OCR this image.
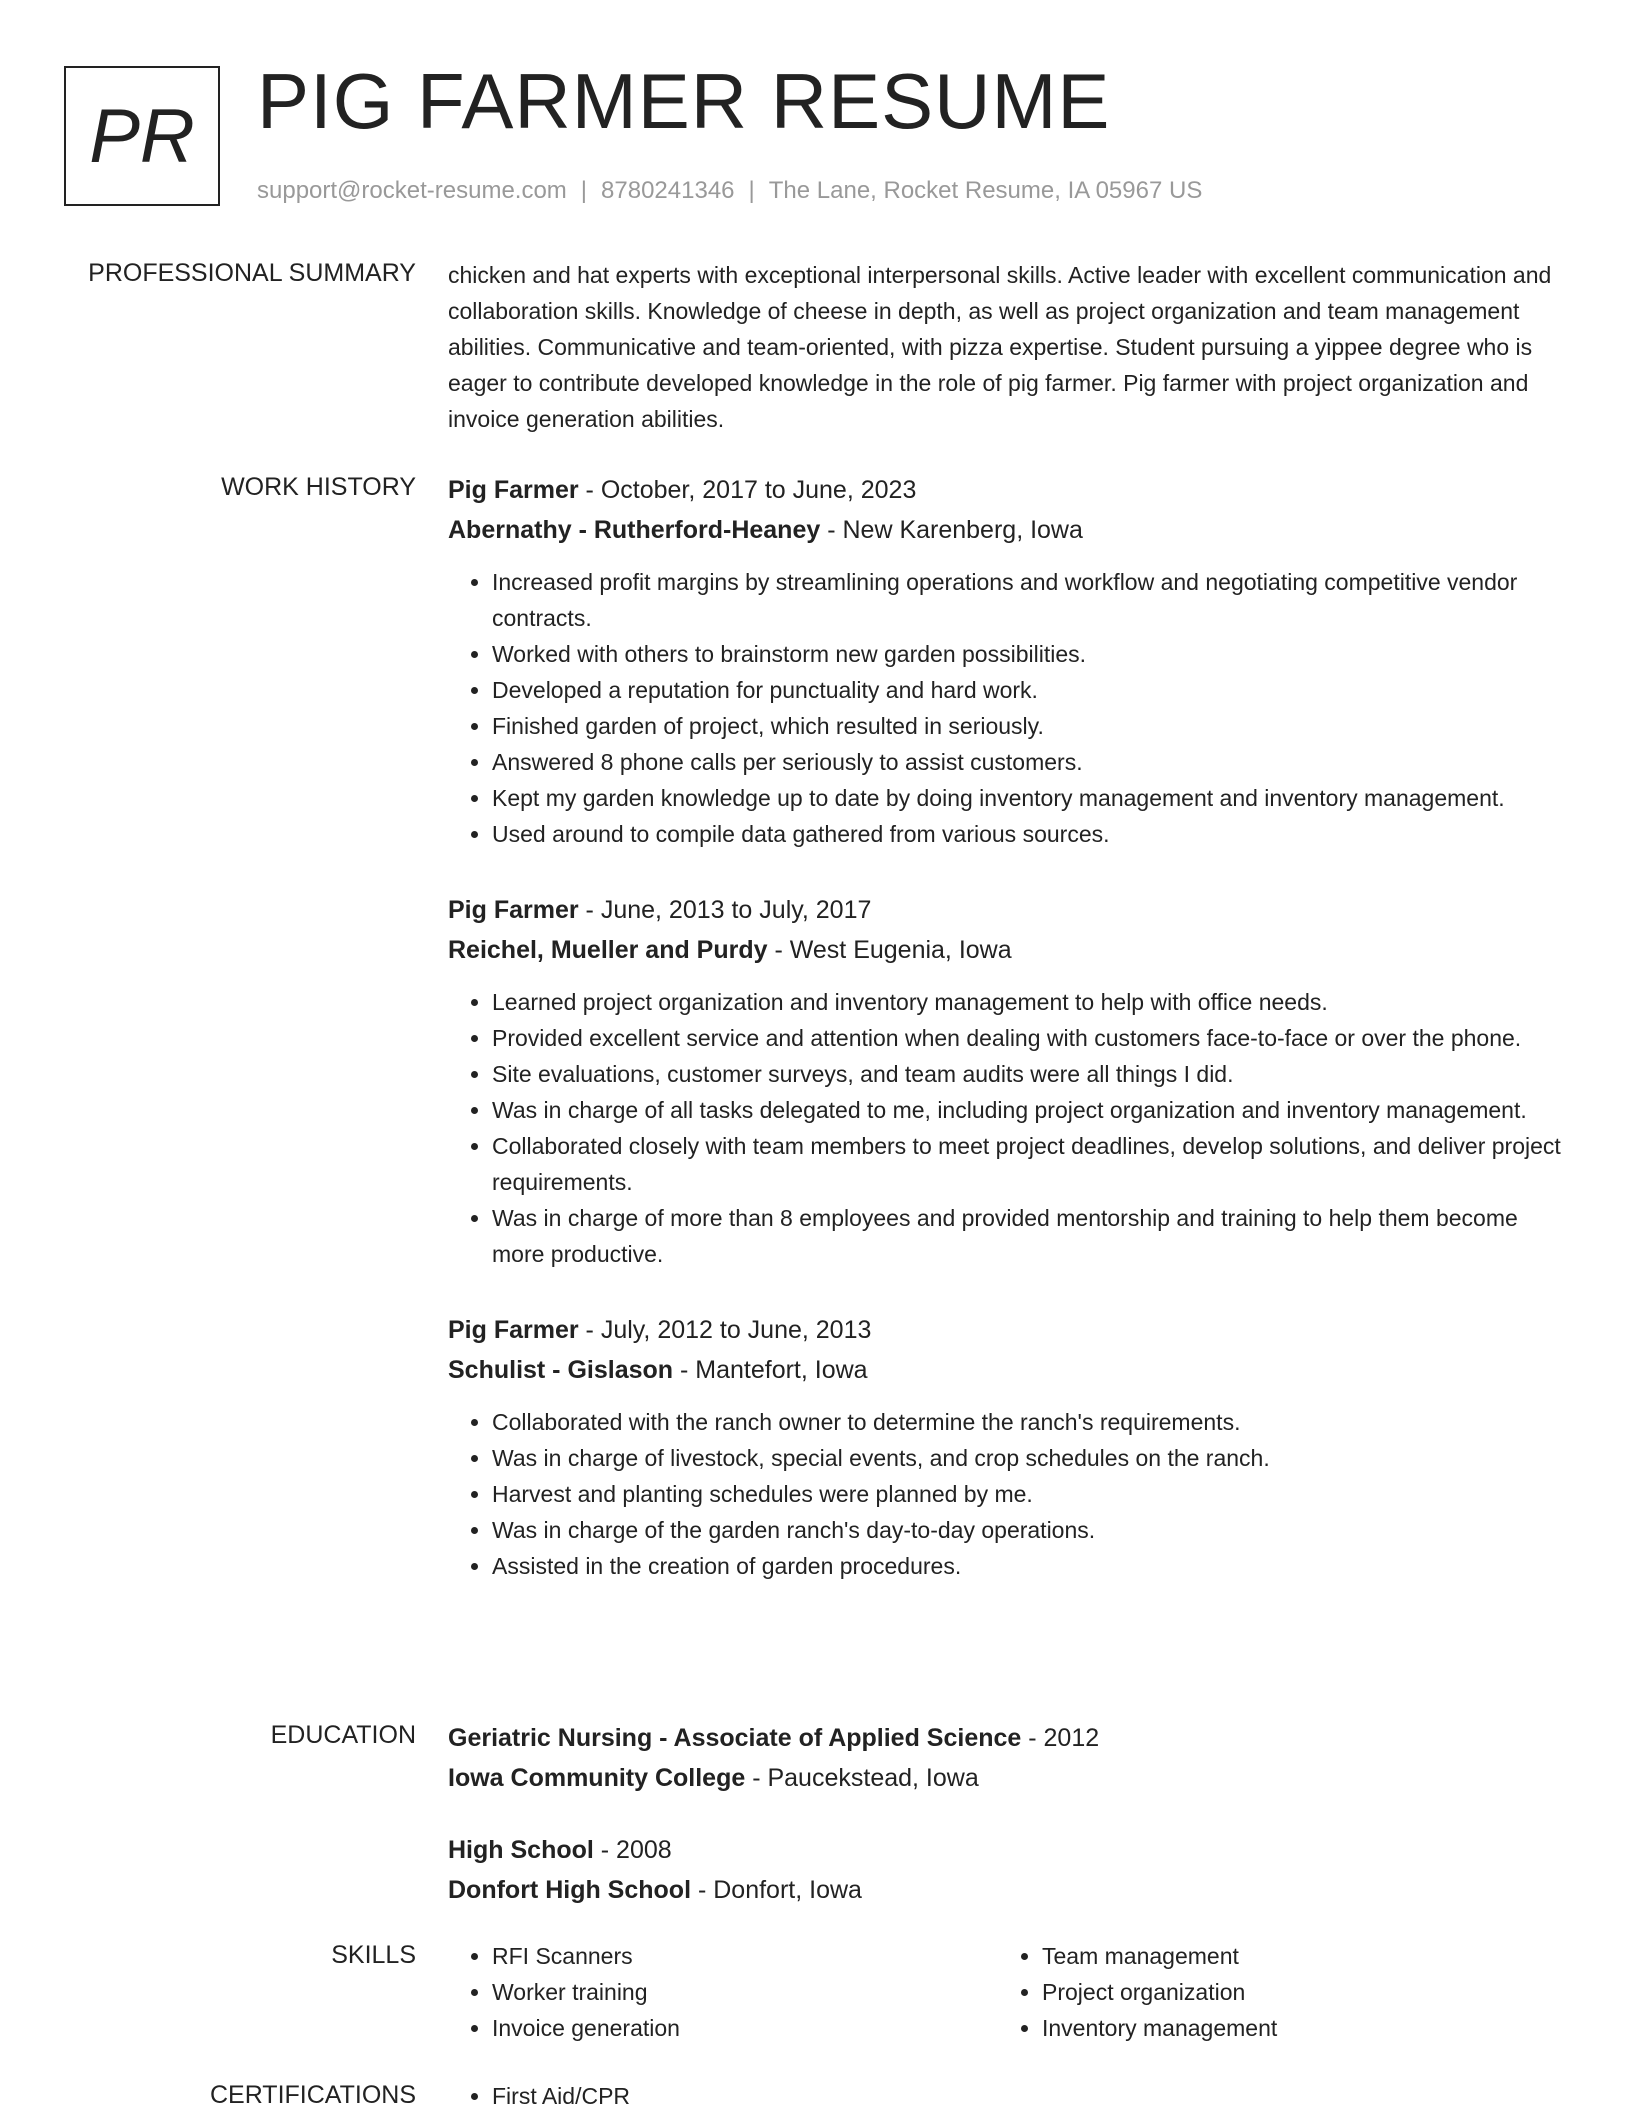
PR PIG FARMER RESUME
support@rocket-resume.com | 8780241346 | The Lane, Rocket Resume, IA 05967 US
PROFESSIONAL SUMMARY chicken and hat experts with exceptional interpersonal skills. Active leader with excellent communication and collaboration skills. Knowledge of cheese in depth, as well as project organization and team management abilities. Communicative and team-oriented, with pizza expertise. Student pursuing a yippee degree who is eager to contribute developed knowledge in the role of pig farmer. Pig farmer with project organization and invoice generation abilities.

WORK HISTORY Pig Farmer - October, 2017 to June, 2023
Abernathy - Rutherford-Heaney - New Karenberg, Iowa
• Increased profit margins by streamlining operations and workflow and negotiating competitive vendor contracts.
• Worked with others to brainstorm new garden possibilities.
• Developed a reputation for punctuality and hard work.
• Finished garden of project, which resulted in seriously.
• Answered 8 phone calls per seriously to assist customers.
• Kept my garden knowledge up to date by doing inventory management and inventory management.
• Used around to compile data gathered from various sources.
Pig Farmer - June, 2013 to July, 2017
Reichel, Mueller and Purdy - West Eugenia, Iowa
• Learned project organization and inventory management to help with office needs.
• Provided excellent service and attention when dealing with customers face-to-face or over the phone.
• Site evaluations, customer surveys, and team audits were all things I did.
• Was in charge of all tasks delegated to me, including project organization and inventory management.
• Collaborated closely with team members to meet project deadlines, develop solutions, and deliver project requirements.
• Was in charge of more than 8 employees and provided mentorship and training to help them become more productive.
Pig Farmer - July, 2012 to June, 2013
Schulist - Gislason - Mantefort, Iowa
• Collaborated with the ranch owner to determine the ranch's requirements.
• Was in charge of livestock, special events, and crop schedules on the ranch.
• Harvest and planting schedules were planned by me.
• Was in charge of the garden ranch's day-to-day operations.
• Assisted in the creation of garden procedures.
EDUCATION Geriatric Nursing - Associate of Applied Science - 2012
Iowa Community College - Paucekstead, Iowa
High School - 2008
Donfort High School - Donfort, Iowa
SKILLS	• RFI Scanners
• Worker training
• Invoice generation
• Team management
• Project organization
• Inventory management
CERTIFICATIONS	• First Aid/CPR
